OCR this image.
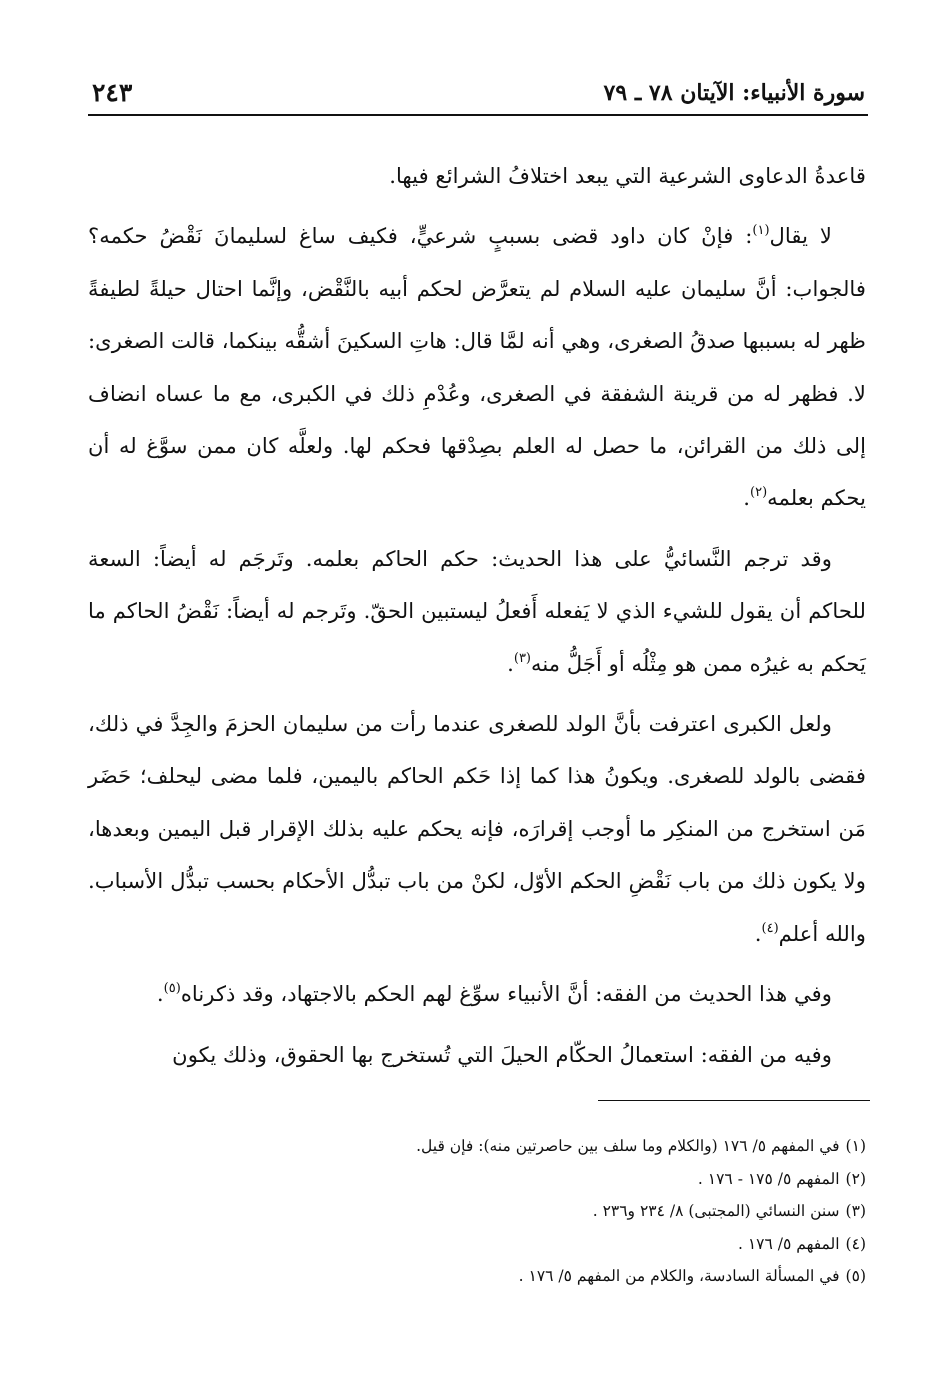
سورة الأنبياء: الآيتان ٧٨ ـ ٧٩
٢٤٣

قاعدةُ الدعاوى الشرعية التي يبعد اختلافُ الشرائع فيها.

لا يقال$^{(١)}$: فإنْ كان داود قضى بسببٍ شرعيٍّ، فكيف ساغ لسليمانَ نَقْضُ حكمه؟ فالجواب: أنَّ سليمان عليه السلام لم يتعرَّض لحكم أبيه بالنَّقْض، وإنَّما احتال حيلةً لطيفةً ظهر له بسببها صدقُ الصغرى، وهي أنه لمَّا قال: هاتِ السكينَ أشقُّه بينكما، قالت الصغرى: لا. فظهر له من قرينة الشفقة في الصغرى، وعُدْمِ ذلك في الكبرى، مع ما عساه انضاف إلى ذلك من القرائن، ما حصل له العلم بصِدْقها فحكم لها. ولعلَّه كان ممن سوَّغ له أن يحكم بعلمه$^{(٢)}$.

وقد ترجم النَّسائيُّ على هذا الحديث: حكم الحاكم بعلمه. وتَرجَم له أيضاً: السعة للحاكم أن يقول للشيء الذي لا يَفعله أَفعلُ ليستبين الحقّ. وتَرجم له أيضاً: نَقْضُ الحاكم ما يَحكم به غيرُه ممن هو مِثْلُه أو أَجَلُّ منه$^{(٣)}$.

ولعل الكبرى اعترفت بأنَّ الولد للصغرى عندما رأت من سليمان الحزمَ والجِدَّ في ذلك، فقضى بالولد للصغرى. ويكونُ هذا كما إذا حَكم الحاكم باليمين، فلما مضى ليحلف؛ حَضَر مَن استخرج من المنكِر ما أوجب إقرارَه، فإنه يحكم عليه بذلك الإقرار قبل اليمين وبعدها، ولا يكون ذلك من باب نَقْضِ الحكم الأوّل، لكنْ من باب تبدُّل الأحكام بحسب تبدُّل الأسباب. والله أعلم$^{(٤)}$.

وفي هذا الحديث من الفقه: أنَّ الأنبياء سوِّغ لهم الحكم بالاجتهاد، وقد ذكرناه$^{(٥)}$.

وفيه من الفقه: استعمالُ الحكّام الحيلَ التي تُستخرج بها الحقوق، وذلك يكون

(١)في المفهم ٥/ ١٧٦ (والكلام وما سلف بين حاصرتين منه): فإن قيل.
(٢)المفهم ٥/ ١٧٥ - ١٧٦ .
(٣)سنن النسائي (المجتبى) ٨/ ٢٣٤ و٢٣٦ .
(٤)المفهم ٥/ ١٧٦ .
(٥)في المسألة السادسة، والكلام من المفهم ٥/ ١٧٦ .
